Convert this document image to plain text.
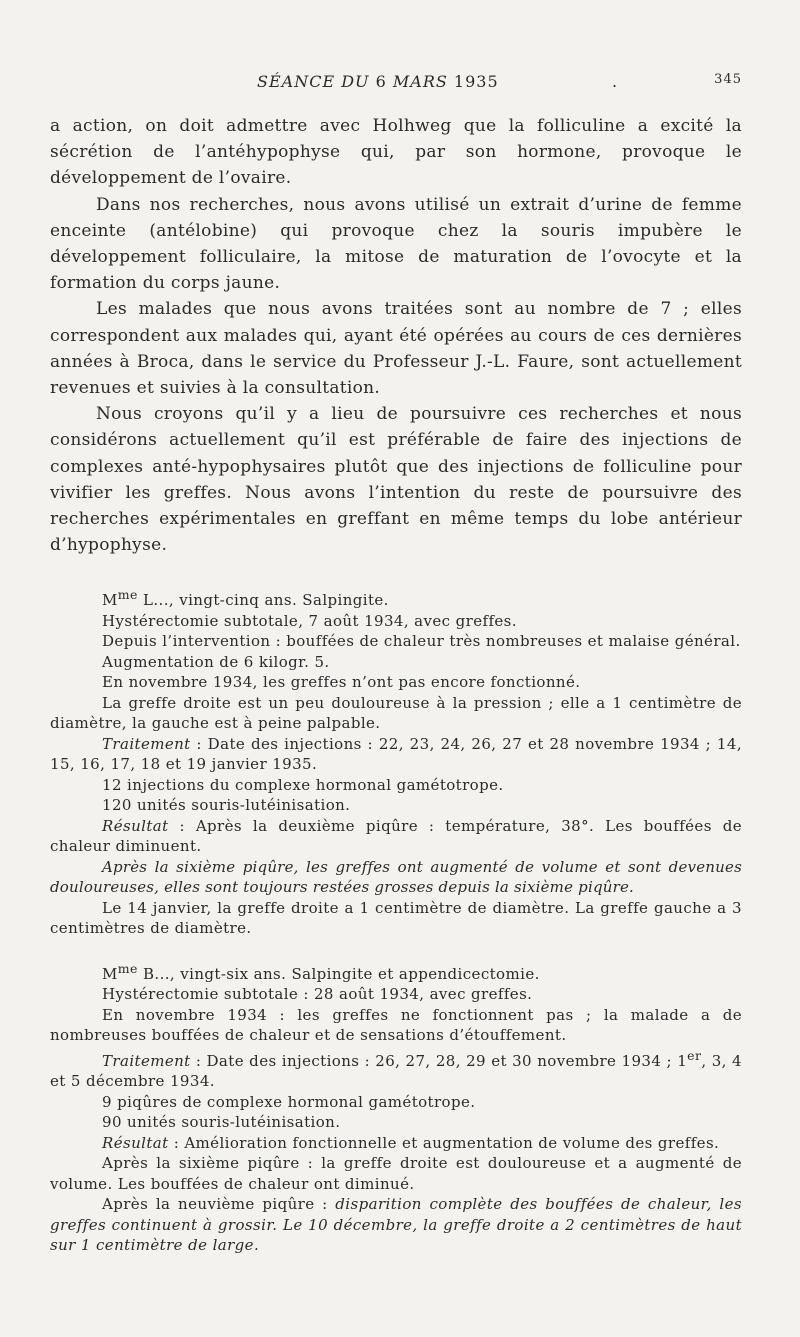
SÉANCE DU 6 MARS 1935	.	345

a action, on doit admettre avec Holhweg que la folliculine a excité la sécrétion de l’antéhypophyse qui, par son hormone, provoque le développement de l’ovaire.

Dans nos recherches, nous avons utilisé un extrait d’urine de femme enceinte (antélobine) qui provoque chez la souris impubère le développement folliculaire, la mitose de maturation de l’ovocyte et la formation du corps jaune.

Les malades que nous avons traitées sont au nombre de 7 ; elles correspondent aux malades qui, ayant été opérées au cours de ces dernières années à Broca, dans le service du Professeur J.-L. Faure, sont actuellement revenues et suivies à la consultation.

Nous croyons qu’il y a lieu de poursuivre ces recherches et nous considérons actuellement qu’il est préférable de faire des injections de complexes anté-hypophysaires plutôt que des injections de folliculine pour vivifier les greffes. Nous avons l’intention du reste de poursuivre des recherches expérimentales en greffant en même temps du lobe antérieur d’hypophyse.

$M^{me}$ L..., vingt-cinq ans. Salpingite.

Hystérectomie subtotale, 7 août 1934, avec greffes.

Depuis l’intervention : bouffées de chaleur très nombreuses et malaise général.

Augmentation de 6 kilogr. 5.

En novembre 1934, les greffes n’ont pas encore fonctionné.

La greffe droite est un peu douloureuse à la pression ; elle a 1 centimètre de diamètre, la gauche est à peine palpable.

Traitement : Date des injections : 22, 23, 24, 26, 27 et 28 novembre 1934 ; 14, 15, 16, 17, 18 et 19 janvier 1935.

12 injections du complexe hormonal gamétotrope.

120 unités souris-lutéinisation.

Résultat : Après la deuxième piqûre : température, 38°. Les bouffées de chaleur diminuent.

Après la sixième piqûre, les greffes ont augmenté de volume et sont devenues douloureuses, elles sont toujours restées grosses depuis la sixième piqûre.

Le 14 janvier, la greffe droite a 1 centimètre de diamètre. La greffe gauche a 3 centimètres de diamètre.

$M^{me}$ B..., vingt-six ans. Salpingite et appendicectomie.

Hystérectomie subtotale : 28 août 1934, avec greffes.

En novembre 1934 : les greffes ne fonctionnent pas ; la malade a de nombreuses bouffées de chaleur et de sensations d’étouffement.

Traitement : Date des injections : 26, 27, 28, 29 et 30 novembre 1934 ; 1er, 3, 4 et 5 décembre 1934.

9 piqûres de complexe hormonal gamétotrope.

90 unités souris-lutéinisation.

Résultat : Amélioration fonctionnelle et augmentation de volume des greffes.

Après la sixième piqûre : la greffe droite est douloureuse et a augmenté de volume. Les bouffées de chaleur ont diminué.

Après la neuvième piqûre : disparition complète des bouffées de chaleur, les greffes continuent à grossir. Le 10 décembre, la greffe droite a 2 centimètres de haut sur 1 centimètre de large.
